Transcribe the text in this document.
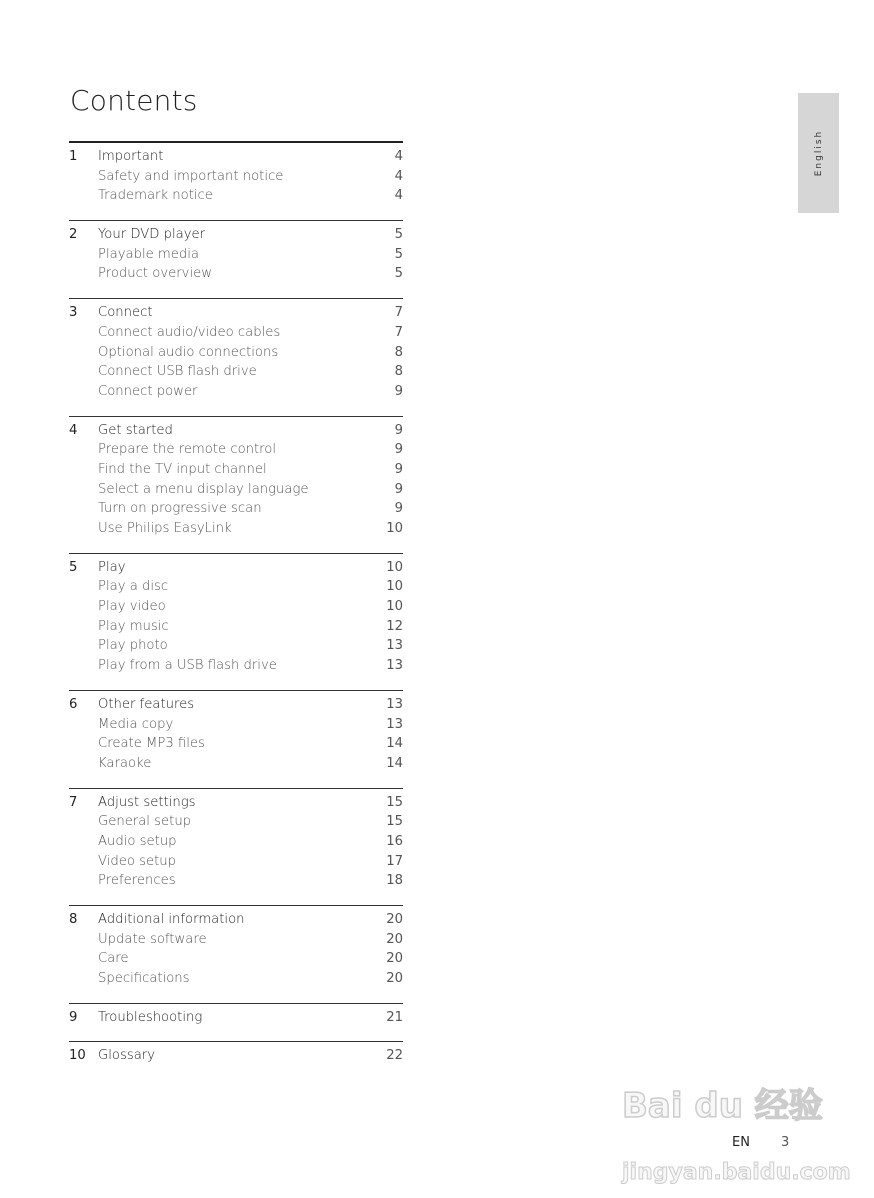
Contents
English
1	Important	4
Safety and important notice	4
Trademark notice	4
2	Your DVD player	5
Playable media	5
Product overview	5
3	Connect	7
Connect audio/video cables	7
Optional audio connections	8
Connect USB flash drive	8
Connect power	9
4	Get started	9
Prepare the remote control	9
Find the TV input channel	9
Select a menu display language	9
Turn on progressive scan	9
Use Philips EasyLink	10
5	Play	10
Play a disc	10
Play video	10
Play music	12
Play photo	13
Play from a USB flash drive	13
6	Other features	13
Media copy	13
Create MP3 files	14
Karaoke	14
7	Adjust settings	15
General setup	15
Audio setup	16
Video setup	17
Preferences	18
8	Additional information	20
Update software	20
Care	20
Specifications	20
9	Troubleshooting	21
10 Glossary	22
Bai du 经验
jingyan.baidu.com
EN 3
